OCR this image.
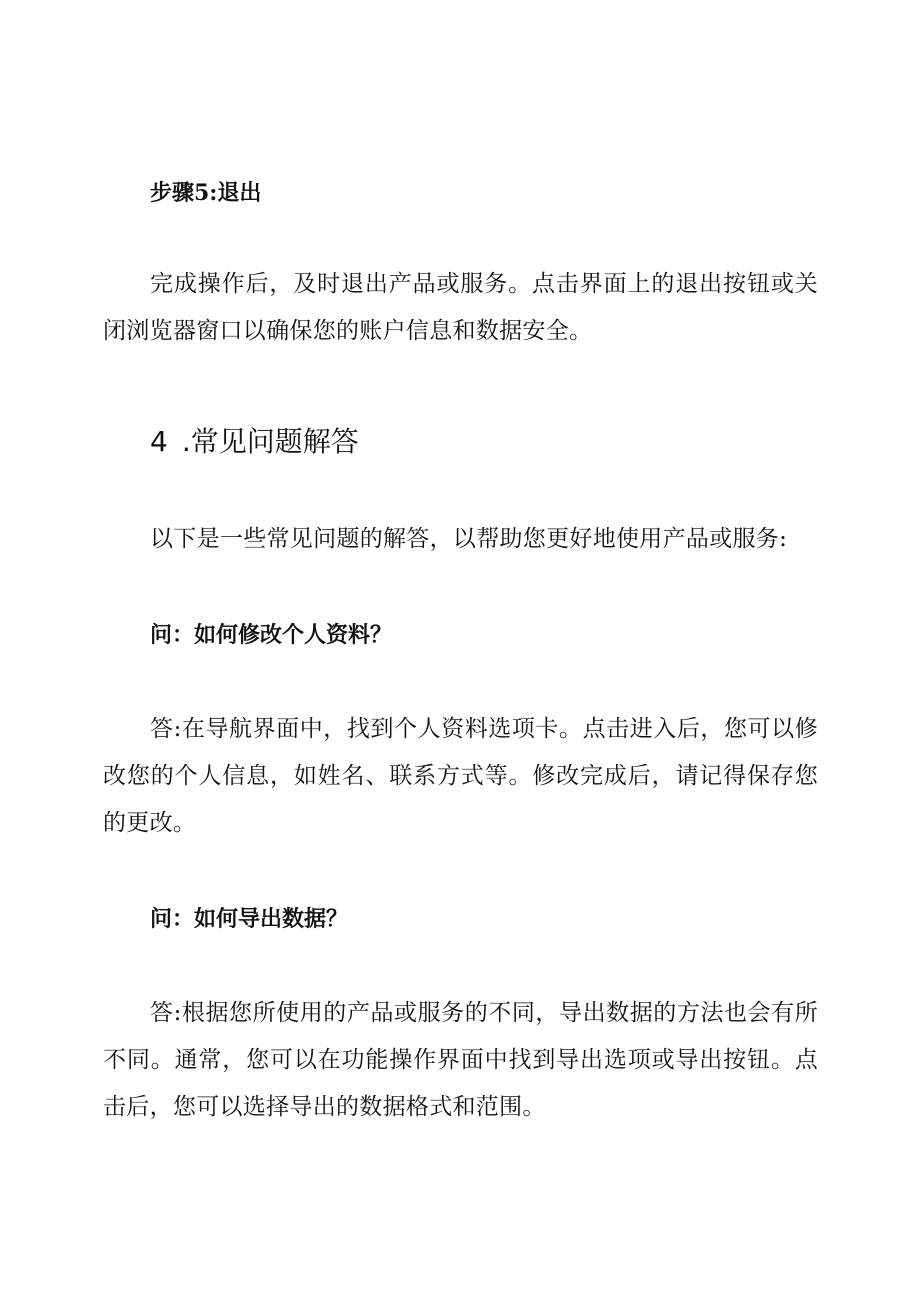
步骤5:退出
完成操作后，及时退出产品或服务。点击界面上的退出按钮或关闭浏览器窗口以确保您的账户信息和数据安全。
4 .常见问题解答
以下是一些常见问题的解答，以帮助您更好地使用产品或服务:
问：如何修改个人资料？
答:在导航界面中，找到个人资料选项卡。点击进入后，您可以修改您的个人信息，如姓名、联系方式等。修改完成后，请记得保存您的更改。
问：如何导出数据？
答:根据您所使用的产品或服务的不同，导出数据的方法也会有所不同。通常，您可以在功能操作界面中找到导出选项或导出按钮。点击后，您可以选择导出的数据格式和范围。
